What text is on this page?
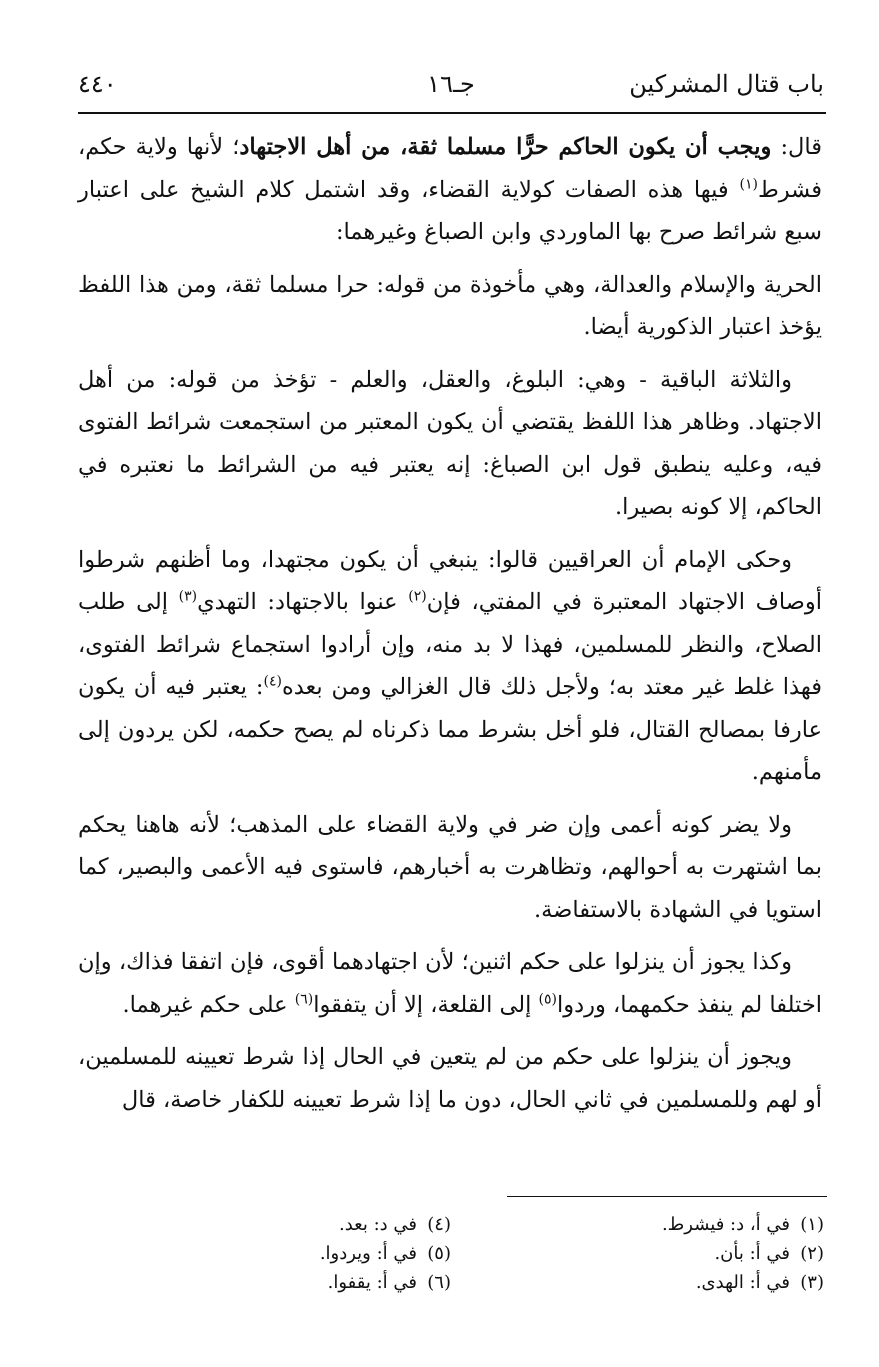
باب قتال المشركين
جـ١٦
٤٤٠

قال: ويجب أن يكون الحاكم حرًّا مسلما ثقة، من أهل الاجتهاد؛ لأنها ولاية حكم، فشرط$^{(١)}$ فيها هذه الصفات كولاية القضاء، وقد اشتمل كلام الشيخ على اعتبار سبع شرائط صرح بها الماوردي وابن الصباغ وغيرهما:

الحرية والإسلام والعدالة، وهي مأخوذة من قوله: حرا مسلما ثقة، ومن هذا اللفظ يؤخذ اعتبار الذكورية أيضا.

والثلاثة الباقية - وهي: البلوغ، والعقل، والعلم - تؤخذ من قوله: من أهل الاجتهاد. وظاهر هذا اللفظ يقتضي أن يكون المعتبر من استجمعت شرائط الفتوى فيه، وعليه ينطبق قول ابن الصباغ: إنه يعتبر فيه من الشرائط ما نعتبره في الحاكم، إلا كونه بصيرا.

وحكى الإمام أن العراقيين قالوا: ينبغي أن يكون مجتهدا، وما أظنهم شرطوا أوصاف الاجتهاد المعتبرة في المفتي، فإن$^{(٢)}$ عنوا بالاجتهاد: التهدي$^{(٣)}$ إلى طلب الصلاح، والنظر للمسلمين، فهذا لا بد منه، وإن أرادوا استجماع شرائط الفتوى، فهذا غلط غير معتد به؛ ولأجل ذلك قال الغزالي ومن بعده$^{(٤)}$: يعتبر فيه أن يكون عارفا بمصالح القتال، فلو أخل بشرط مما ذكرناه لم يصح حكمه، لكن يردون إلى مأمنهم.

ولا يضر كونه أعمى وإن ضر في ولاية القضاء على المذهب؛ لأنه هاهنا يحكم بما اشتهرت به أحوالهم، وتظاهرت به أخبارهم، فاستوى فيه الأعمى والبصير، كما استويا في الشهادة بالاستفاضة.

وكذا يجوز أن ينزلوا على حكم اثنين؛ لأن اجتهادهما أقوى، فإن اتفقا فذاك، وإن اختلفا لم ينفذ حكمهما، وردوا$^{(٥)}$ إلى القلعة، إلا أن يتفقوا$^{(٦)}$ على حكم غيرهما.

ويجوز أن ينزلوا على حكم من لم يتعين في الحال إذا شرط تعيينه للمسلمين، أو لهم وللمسلمين في ثاني الحال، دون ما إذا شرط تعيينه للكفار خاصة، قال

(١)في أ، د: فيشرط.
(٢)في أ: بأن.
(٣)في أ: الهدى.
(٤)في د: بعد.
(٥)في أ: ويردوا.
(٦)في أ: يقفوا.
